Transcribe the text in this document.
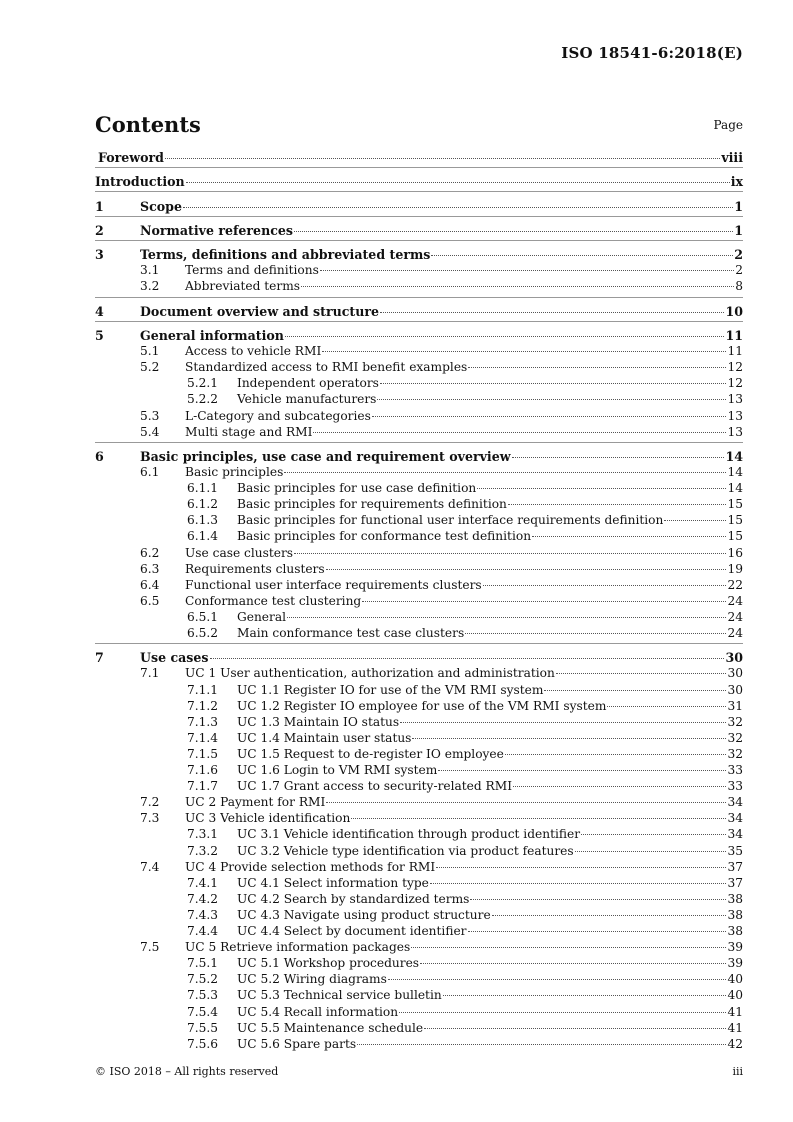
ISO 18541-6:2018(E)
Contents	Page
Foreword	viii
Introduction	ix
1	Scope	1
2	Normative references	1
3	Terms, definitions and abbreviated terms	2
3.1 Terms and definitions	2
3.2 Abbreviated terms	8
4	Document overview and structure	10
5	General information	11
5.1 Access to vehicle RMI	11
5.2 Standardized access to RMI benefit examples	12
5.2.1 Independent operators	12
5.2.2 Vehicle manufacturers	13
5.3 L-Category and subcategories	13
5.4 Multi stage and RMI	13
6	Basic principles, use case and requirement overview	14
6.1 Basic principles	14
6.1.1 Basic principles for use case definition	14
6.1.2 Basic principles for requirements definition	15
6.1.3 Basic principles for functional user interface requirements definition	15
6.1.4 Basic principles for conformance test definition	15
6.2 Use case clusters	16
6.3 Requirements clusters	19
6.4 Functional user interface requirements clusters	22
6.5 Conformance test clustering	24
6.5.1 General	24
6.5.2 Main conformance test case clusters	24
7	Use cases	30
7.1 UC 1 User authentication, authorization and administration	30
7.1.1 UC 1.1 Register IO for use of the VM RMI system	30
7.1.2 UC 1.2 Register IO employee for use of the VM RMI system	31
7.1.3 UC 1.3 Maintain IO status	32
7.1.4 UC 1.4 Maintain user status	32
7.1.5 UC 1.5 Request to de-register IO employee	32
7.1.6 UC 1.6 Login to VM RMI system	33
7.1.7 UC 1.7 Grant access to security-related RMI	33
7.2 UC 2 Payment for RMI	34
7.3 UC 3 Vehicle identification	34
7.3.1 UC 3.1 Vehicle identification through product identifier	34
7.3.2 UC 3.2 Vehicle type identification via product features	35
7.4 UC 4 Provide selection methods for RMI	37
7.4.1 UC 4.1 Select information type	37
7.4.2 UC 4.2 Search by standardized terms	38
7.4.3 UC 4.3 Navigate using product structure	38
7.4.4 UC 4.4 Select by document identifier	38
7.5 UC 5 Retrieve information packages	39
7.5.1 UC 5.1 Workshop procedures	39
7.5.2 UC 5.2 Wiring diagrams	40
7.5.3 UC 5.3 Technical service bulletin	40
7.5.4 UC 5.4 Recall information	41
7.5.5 UC 5.5 Maintenance schedule	41
7.5.6 UC 5.6 Spare parts	42
© ISO 2018 – All rights reserved	iii
